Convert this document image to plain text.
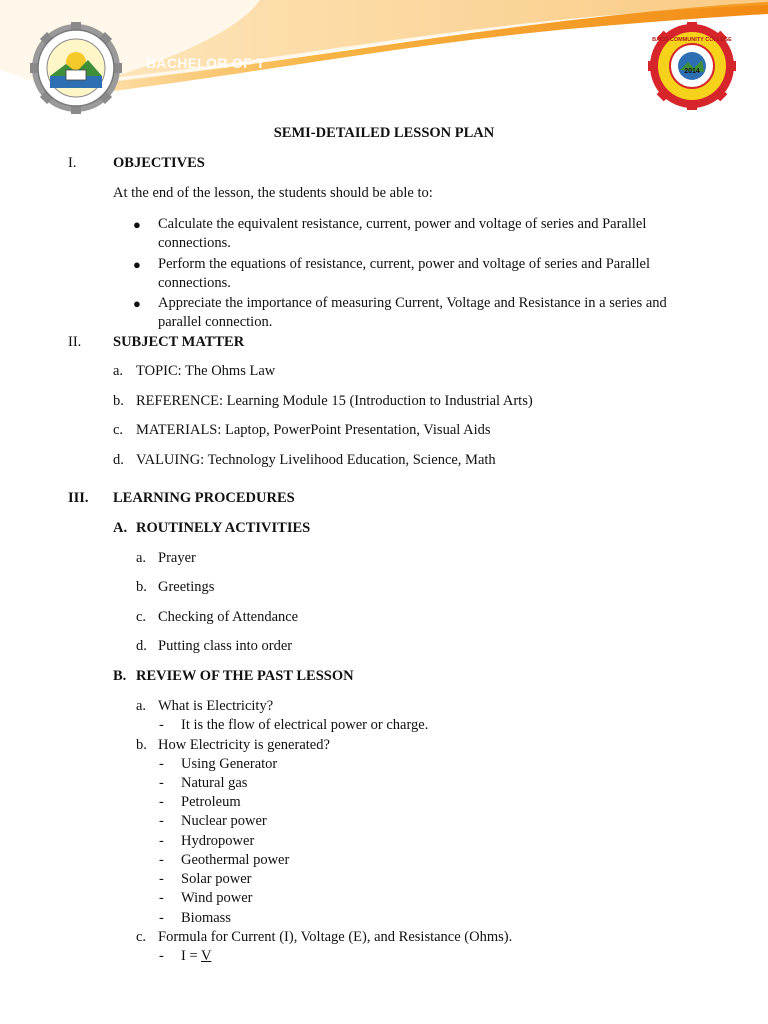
BACHELOR OF T
2014
BACO COMMUNITY COLLEGE
SEMI-DETAILED LESSON PLAN
I.	OBJECTIVES
At the end of the lesson, the students should be able to:
● Calculate the equivalent resistance, current, power and voltage of series and Parallel
connections.
● Perform the equations of resistance, current, power and voltage of series and Parallel
connections.
● Appreciate the importance of measuring Current, Voltage and Resistance in a series and
parallel connection.
II. SUBJECT MATTER
a. TOPIC: The Ohms Law
b. REFERENCE: Learning Module 15 (Introduction to Industrial Arts)
c. MATERIALS: Laptop, PowerPoint Presentation, Visual Aids
d. VALUING: Technology Livelihood Education, Science, Math
III. LEARNING PROCEDURES
A. ROUTINELY ACTIVITIES
a. Prayer
b. Greetings
c. Checking of Attendance
d. Putting class into order
B. REVIEW OF THE PAST LESSON
a. What is Electricity?
- It is the flow of electrical power or charge.
b. How Electricity is generated?
- Using Generator
- Natural gas
- Petroleum
- Nuclear power
- Hydropower
- Geothermal power
- Solar power
- Wind power
- Biomass
c. Formula for Current (I), Voltage (E), and Resistance (Ohms).
- I = V
